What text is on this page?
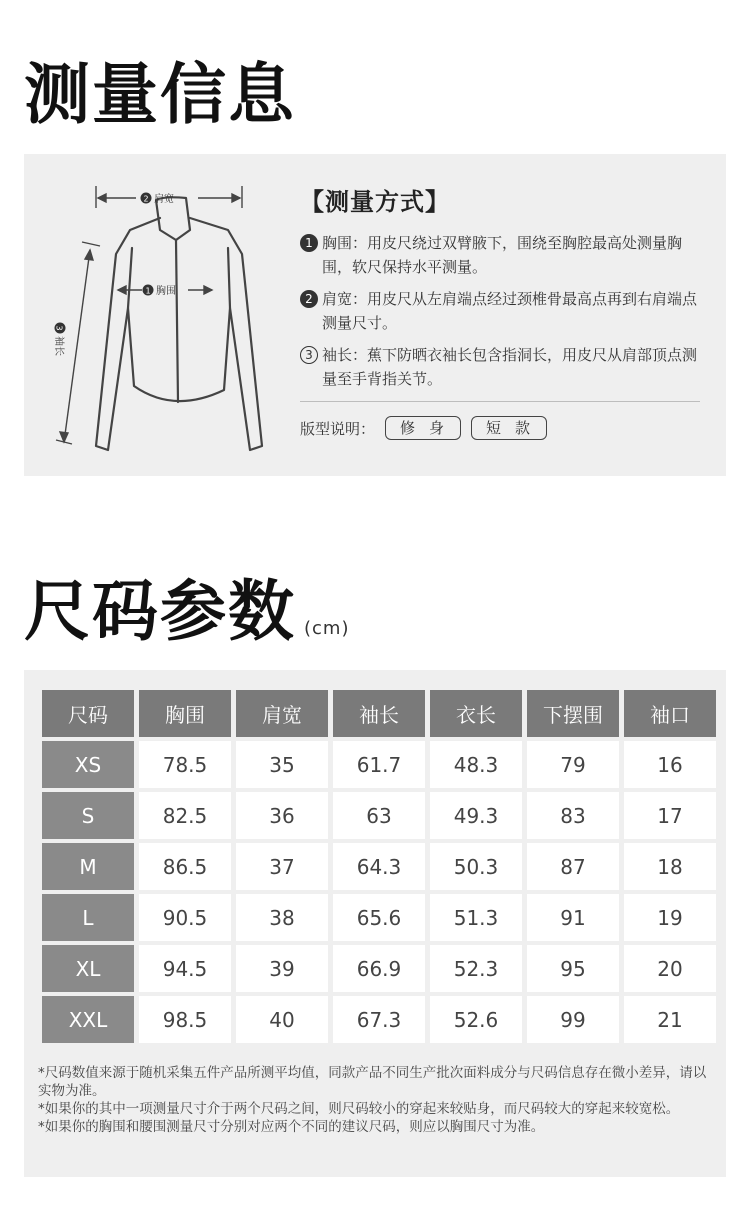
测量信息
2 肩宽
1 胸围
3
袖长
【测量方式】
1 胸围：用皮尺绕过双臂腋下，围绕至胸腔最高处测量胸围，软尺保持水平测量。
2 肩宽：用皮尺从左肩端点经过颈椎骨最高点再到右肩端点测量尺寸。
3 袖长：蕉下防晒衣袖长包含指洞长，用皮尺从肩部顶点测量至手背指关节。
版型说明：	修身	短款
尺码参数 (cm)
尺码	胸围	肩宽	袖长	衣长	下摆围	袖口
XS	78.5	35	61.7	48.3	79	16
S	82.5	36	63	49.3	83	17
M	86.5	37	64.3	50.3	87	18
L	90.5	38	65.6	51.3	91	19
XL	94.5	39	66.9	52.3	95	20
XXL	98.5	40	67.3	52.6	99	21
*尺码数值来源于随机采集五件产品所测平均值，同款产品不同生产批次面料成分与尺码信息存在微小差异，请以实物为准。
*如果你的其中一项测量尺寸介于两个尺码之间，则尺码较小的穿起来较贴身，而尺码较大的穿起来较宽松。
*如果你的胸围和腰围测量尺寸分别对应两个不同的建议尺码，则应以胸围尺寸为准。
